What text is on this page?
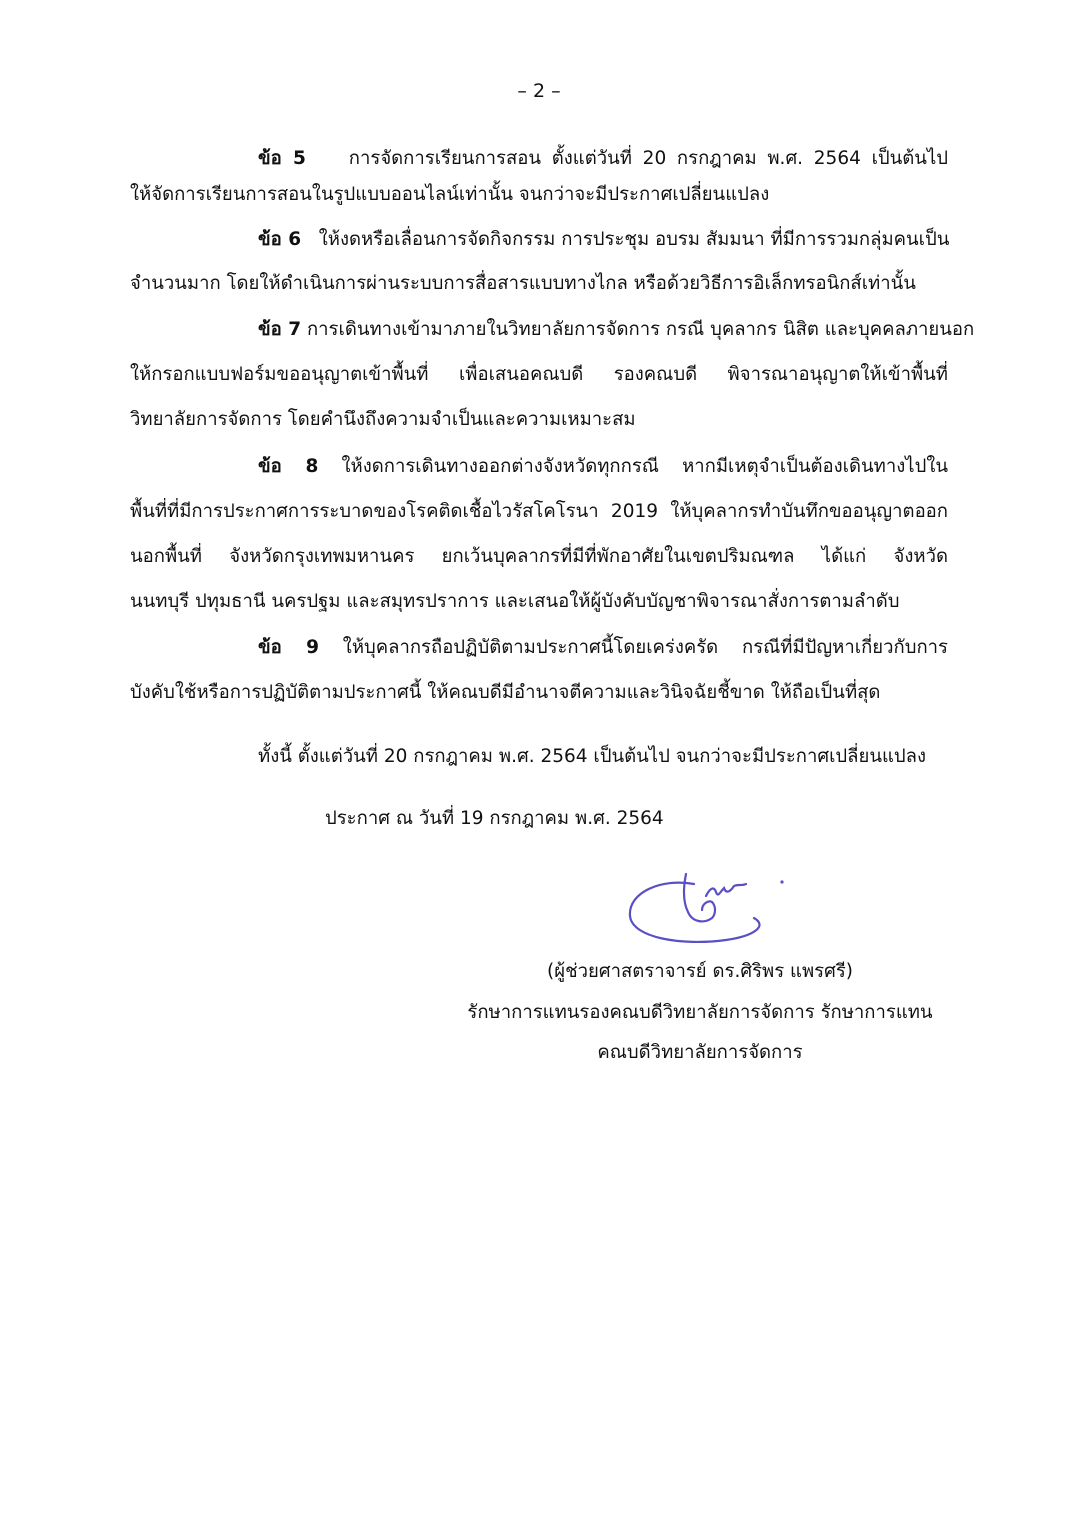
– 2 –
ข้อ 5 การจัดการเรียนการสอน ตั้งแต่วันที่ 20 กรกฎาคม พ.ศ. 2564 เป็นต้นไป
ให้จัดการเรียนการสอนในรูปแบบออนไลน์เท่านั้น จนกว่าจะมีประกาศเปลี่ยนแปลง
ข้อ 6 ให้งดหรือเลื่อนการจัดกิจกรรม การประชุม อบรม สัมมนา ที่มีการรวมกลุ่มคนเป็น
จำนวนมาก โดยให้ดำเนินการผ่านระบบการสื่อสารแบบทางไกล หรือด้วยวิธีการอิเล็กทรอนิกส์เท่านั้น
ข้อ 7 การเดินทางเข้ามาภายในวิทยาลัยการจัดการ กรณี บุคลากร นิสิต และบุคคลภายนอก
ให้กรอกแบบฟอร์มขออนุญาตเข้าพื้นที่ เพื่อเสนอคณบดี รองคณบดี พิจารณาอนุญาตให้เข้าพื้นที่
วิทยาลัยการจัดการ โดยคำนึงถึงความจำเป็นและความเหมาะสม
ข้อ 8 ให้งดการเดินทางออกต่างจังหวัดทุกกรณี หากมีเหตุจำเป็นต้องเดินทางไปใน
พื้นที่ที่มีการประกาศการระบาดของโรคติดเชื้อไวรัสโคโรนา 2019 ให้บุคลากรทำบันทึกขออนุญาตออก
นอกพื้นที่ จังหวัดกรุงเทพมหานคร ยกเว้นบุคลากรที่มีที่พักอาศัยในเขตปริมณฑล ได้แก่ จังหวัด
นนทบุรี ปทุมธานี นครปฐม และสมุทรปราการ และเสนอให้ผู้บังคับบัญชาพิจารณาสั่งการตามลำดับ
ข้อ 9 ให้บุคลากรถือปฏิบัติตามประกาศนี้โดยเคร่งครัด กรณีที่มีปัญหาเกี่ยวกับการ
บังคับใช้หรือการปฏิบัติตามประกาศนี้ ให้คณบดีมีอำนาจตีความและวินิจฉัยชี้ขาด ให้ถือเป็นที่สุด
ทั้งนี้ ตั้งแต่วันที่ 20 กรกฎาคม พ.ศ. 2564 เป็นต้นไป จนกว่าจะมีประกาศเปลี่ยนแปลง
ประกาศ ณ วันที่ 19 กรกฎาคม พ.ศ. 2564
(ผู้ช่วยศาสตราจารย์ ดร.ศิริพร แพรศรี)
รักษาการแทนรองคณบดีวิทยาลัยการจัดการ รักษาการแทน
คณบดีวิทยาลัยการจัดการ
